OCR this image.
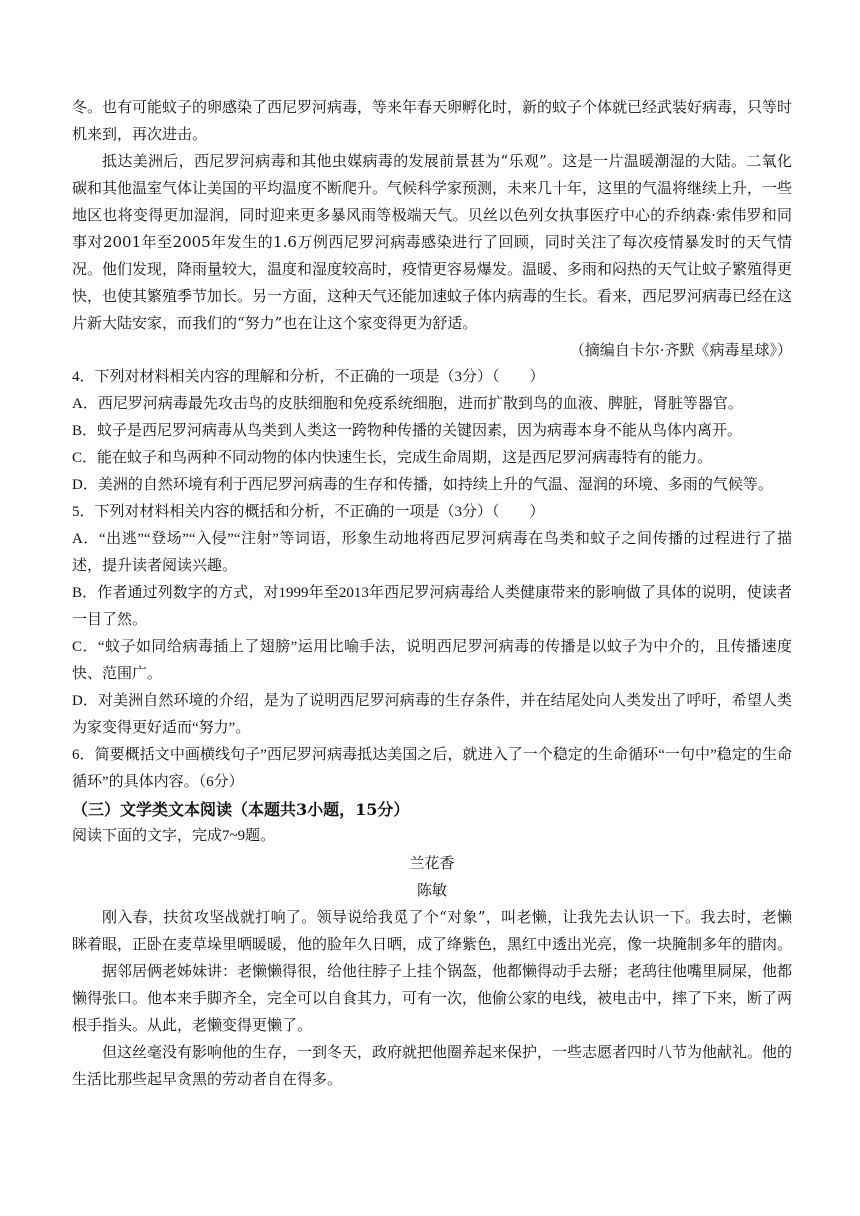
冬。也有可能蚊子的卵感染了西尼罗河病毒，等来年春天卵孵化时，新的蚊子个体就已经武装好病毒，只等时机来到，再次进击。

抵达美洲后，西尼罗河病毒和其他虫媒病毒的发展前景甚为“乐观”。这是一片温暖潮湿的大陆。二氧化碳和其他温室气体让美国的平均温度不断爬升。气候科学家预测，未来几十年，这里的气温将继续上升，一些地区也将变得更加湿润，同时迎来更多暴风雨等极端天气。贝丝以色列女执事医疗中心的乔纳森·索伟罗和同事对2001年至2005年发生的1.6万例西尼罗河病毒感染进行了回顾，同时关注了每次疫情暴发时的天气情况。他们发现，降雨量较大，温度和湿度较高时，疫情更容易爆发。温暖、多雨和闷热的天气让蚊子繁殖得更快，也使其繁殖季节加长。另一方面，这种天气还能加速蚊子体内病毒的生长。看来，西尼罗河病毒已经在这片新大陆安家，而我们的“努力”也在让这个家变得更为舒适。

（摘编自卡尔·齐默《病毒星球》）

4．下列对材料相关内容的理解和分析，不正确的一项是（3分）（　　）

A．西尼罗河病毒最先攻击鸟的皮肤细胞和免疫系统细胞，进而扩散到鸟的血液、脾脏，肾脏等器官。

B．蚊子是西尼罗河病毒从鸟类到人类这一跨物种传播的关键因素，因为病毒本身不能从鸟体内离开。

C．能在蚊子和鸟两种不同动物的体内快速生长，完成生命周期，这是西尼罗河病毒特有的能力。

D．美洲的自然环境有利于西尼罗河病毒的生存和传播，如持续上升的气温、湿润的环境、多雨的气候等。

5．下列对材料相关内容的概括和分析，不正确的一项是（3分）（　　）

A．“出逃”“登场”“入侵”“注射”等词语，形象生动地将西尼罗河病毒在鸟类和蚊子之间传播的过程进行了描述，提升读者阅读兴趣。

B．作者通过列数字的方式，对1999年至2013年西尼罗河病毒给人类健康带来的影响做了具体的说明，使读者一目了然。

C．“蚊子如同给病毒插上了翅膀”运用比喻手法，说明西尼罗河病毒的传播是以蚊子为中介的，且传播速度快、范围广。

D．对美洲自然环境的介绍，是为了说明西尼罗河病毒的生存条件，并在结尾处向人类发出了呼吁，希望人类为家变得更好适而“努力”。

6．简要概括文中画横线句子”西尼罗河病毒抵达美国之后，就进入了一个稳定的生命循环“一句中”稳定的生命循环”的具体内容。（6分）

（三）文学类文本阅读（本题共3小题，15分）

阅读下面的文字，完成7~9题。

兰花香

陈敏

刚入春，扶贫攻坚战就打响了。领导说给我觅了个“对象”，叫老懒，让我先去认识一下。我去时，老懒眯着眼，正卧在麦草垛里晒暖暖，他的脸年久日晒，成了绛紫色，黑红中透出光亮，像一块腌制多年的腊肉。

据邻居俩老姊妹讲：老懒懒得很，给他往脖子上挂个锅盔，他都懒得动手去掰；老鸹往他嘴里屙屎，他都懒得张口。他本来手脚齐全，完全可以自食其力，可有一次，他偷公家的电线，被电击中，摔了下来，断了两根手指头。从此，老懒变得更懒了。

但这丝毫没有影响他的生存，一到冬天，政府就把他圈养起来保护，一些志愿者四时八节为他献礼。他的生活比那些起早贪黑的劳动者自在得多。
